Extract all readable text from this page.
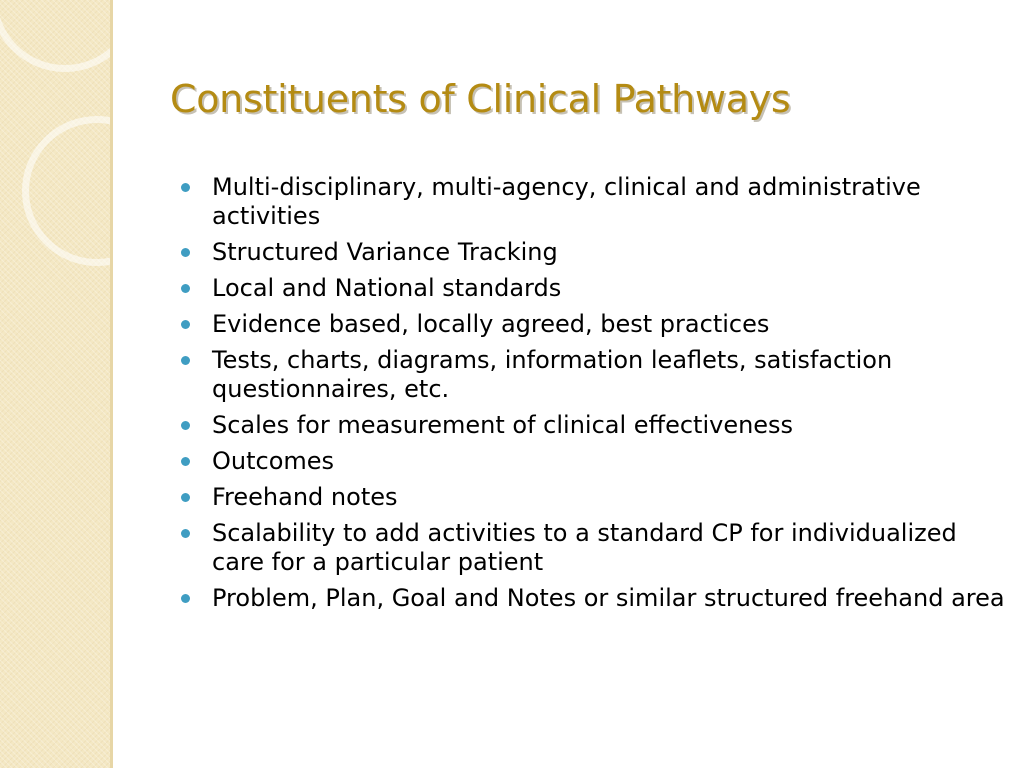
Constituents of Clinical Pathways
Multi-disciplinary, multi-agency, clinical and administrative activities
Structured Variance Tracking
Local and National standards
Evidence based, locally agreed, best practices
Tests, charts, diagrams, information leaflets, satisfaction questionnaires, etc.
Scales for measurement of clinical effectiveness
Outcomes
Freehand notes
Scalability to add activities to a standard CP for individualized care for a particular patient
Problem, Plan, Goal and Notes or similar structured freehand area
